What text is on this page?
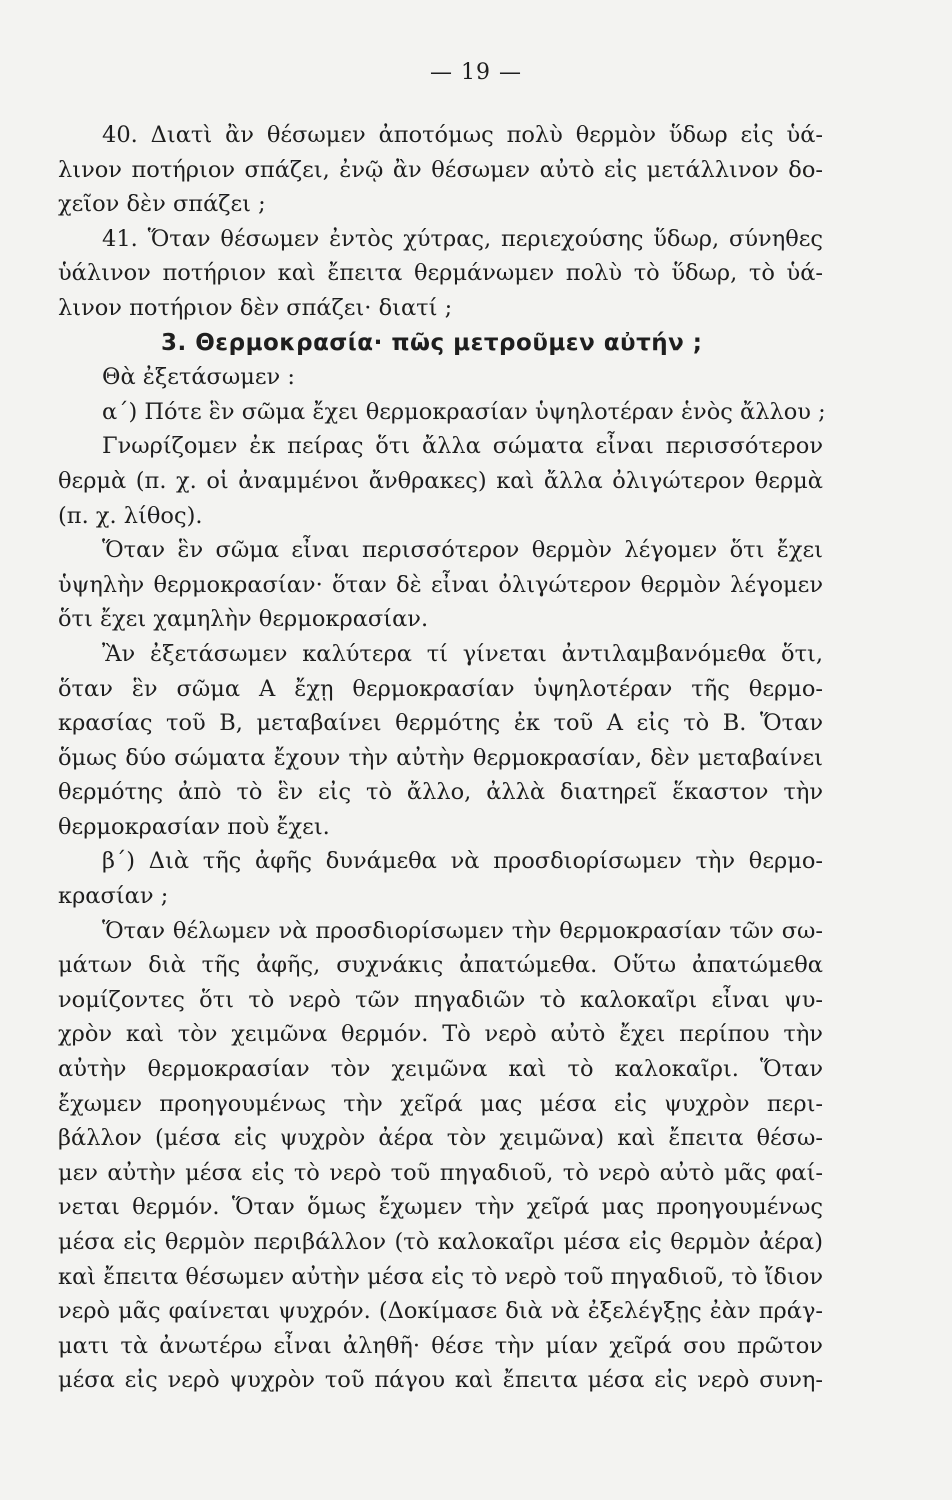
— 19 —
40. Διατὶ ἂν θέσωμεν ἀποτόμως πολὺ θερμὸν ὕδωρ εἰς ὑά-
λινον ποτήριον σπάζει, ἐνῷ ἂν θέσωμεν αὐτὸ εἰς μετάλλινον δο-
χεῖον δὲν σπάζει ;
41. Ὅταν θέσωμεν ἐντὸς χύτρας, περιεχούσης ὕδωρ, σύνηθες
ὑάλινον ποτήριον καὶ ἔπειτα θερμάνωμεν πολὺ τὸ ὕδωρ, τὸ ὑά-
λινον ποτήριον δὲν σπάζει· διατί ;
3. Θερμοκρασία· πῶς μετροῦμεν αὐτήν ;
Θὰ ἐξετάσωμεν :
α΄) Πότε ἓν σῶμα ἔχει θερμοκρασίαν ὑψηλοτέραν ἑνὸς ἄλλου ;
Γνωρίζομεν ἐκ πείρας ὅτι ἄλλα σώματα εἶναι περισσότερον
θερμὰ (π. χ. οἱ ἀναμμένοι ἄνθρακες) καὶ ἄλλα ὀλιγώτερον θερμὰ
(π. χ. λίθος).
Ὅταν ἓν σῶμα εἶναι περισσότερον θερμὸν λέγομεν ὅτι ἔχει
ὑψηλὴν θερμοκρασίαν· ὅταν δὲ εἶναι ὀλιγώτερον θερμὸν λέγομεν
ὅτι ἔχει χαμηλὴν θερμοκρασίαν.
Ἂν ἐξετάσωμεν καλύτερα τί γίνεται ἀντιλαμβανόμεθα ὅτι,
ὅταν ἓν σῶμα Α ἔχῃ θερμοκρασίαν ὑψηλοτέραν τῆς θερμο-
κρασίας τοῦ Β, μεταβαίνει θερμότης ἐκ τοῦ Α εἰς τὸ Β. Ὅταν
ὅμως δύο σώματα ἔχουν τὴν αὐτὴν θερμοκρασίαν, δὲν μεταβαίνει
θερμότης ἀπὸ τὸ ἓν εἰς τὸ ἄλλο, ἀλλὰ διατηρεῖ ἕκαστον τὴν
θερμοκρασίαν ποὺ ἔχει.
β΄) Διὰ τῆς ἀφῆς δυνάμεθα νὰ προσδιορίσωμεν τὴν θερμο-
κρασίαν ;
Ὅταν θέλωμεν νὰ προσδιορίσωμεν τὴν θερμοκρασίαν τῶν σω-
μάτων διὰ τῆς ἀφῆς, συχνάκις ἀπατώμεθα. Οὕτω ἀπατώμεθα
νομίζοντες ὅτι τὸ νερὸ τῶν πηγαδιῶν τὸ καλοκαῖρι εἶναι ψυ-
χρὸν καὶ τὸν χειμῶνα θερμόν. Τὸ νερὸ αὐτὸ ἔχει περίπου τὴν
αὐτὴν θερμοκρασίαν τὸν χειμῶνα καὶ τὸ καλοκαῖρι. Ὅταν
ἔχωμεν προηγουμένως τὴν χεῖρά μας μέσα εἰς ψυχρὸν περι-
βάλλον (μέσα εἰς ψυχρὸν ἀέρα τὸν χειμῶνα) καὶ ἔπειτα θέσω-
μεν αὐτὴν μέσα εἰς τὸ νερὸ τοῦ πηγαδιοῦ, τὸ νερὸ αὐτὸ μᾶς φαί-
νεται θερμόν. Ὅταν ὅμως ἔχωμεν τὴν χεῖρά μας προηγουμένως
μέσα εἰς θερμὸν περιβάλλον (τὸ καλοκαῖρι μέσα εἰς θερμὸν ἀέρα)
καὶ ἔπειτα θέσωμεν αὐτὴν μέσα εἰς τὸ νερὸ τοῦ πηγαδιοῦ, τὸ ἴδιον
νερὸ μᾶς φαίνεται ψυχρόν. (Δοκίμασε διὰ νὰ ἐξελέγξῃς ἐὰν πράγ-
ματι τὰ ἀνωτέρω εἶναι ἀληθῆ· θέσε τὴν μίαν χεῖρά σου πρῶτον
μέσα εἰς νερὸ ψυχρὸν τοῦ πάγου καὶ ἔπειτα μέσα εἰς νερὸ συνη-
